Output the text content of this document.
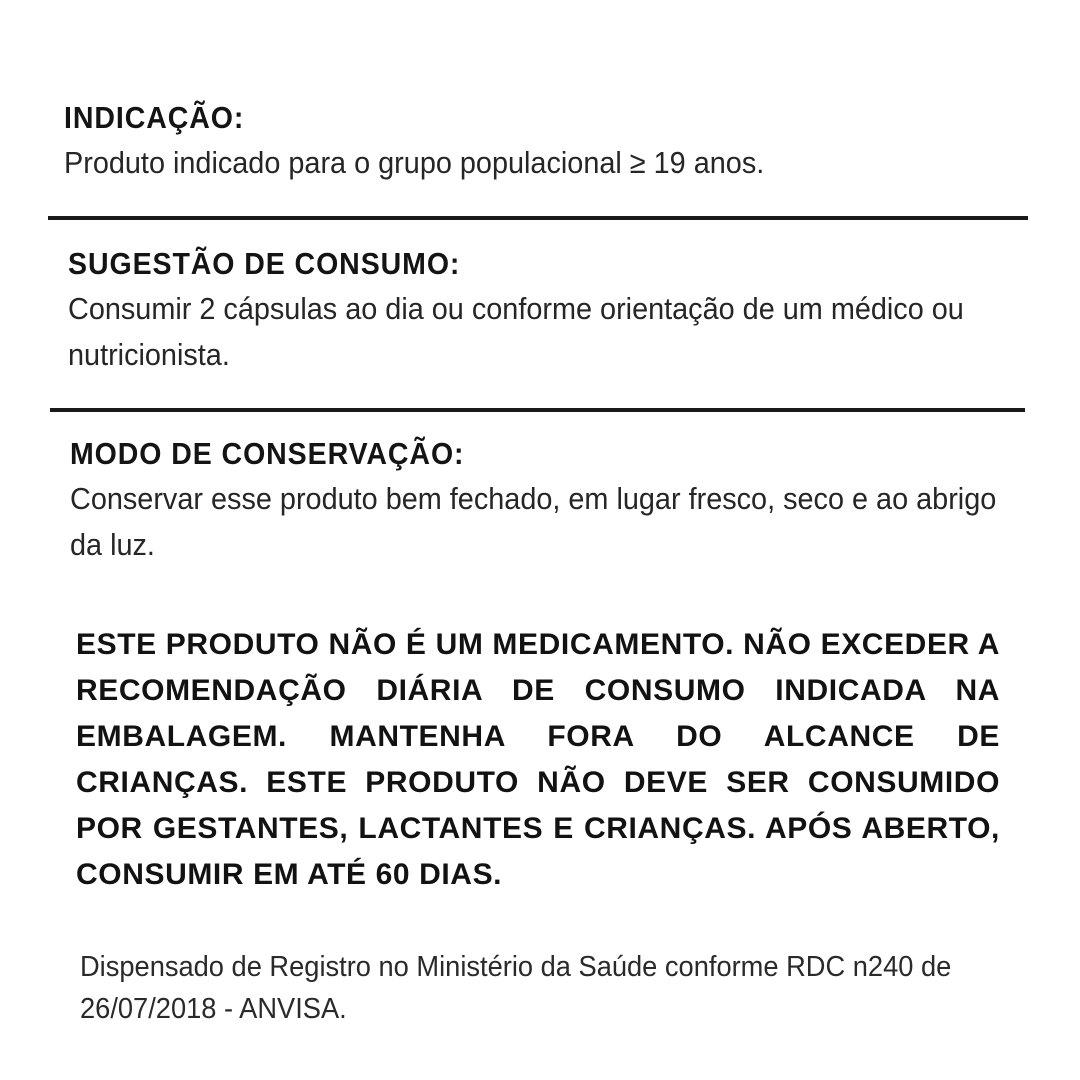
INDICAÇÃO:

Produto indicado para o grupo populacional ≥ 19 anos.

SUGESTÃO DE CONSUMO:

Consumir 2 cápsulas ao dia ou conforme orientação de um médico ou nutricionista.

MODO DE CONSERVAÇÃO:

Conservar esse produto bem fechado, em lugar fresco, seco e ao abrigo da luz.

ESTE PRODUTO NÃO É UM MEDICAMENTO. NÃO EXCEDER A RECOMENDAÇÃO DIÁRIA DE CONSUMO INDICADA NA EMBALAGEM. MANTENHA FORA DO ALCANCE DE CRIANÇAS. ESTE PRODUTO NÃO DEVE SER CONSUMIDO POR GESTANTES, LACTANTES E CRIANÇAS. APÓS ABERTO, CONSUMIR EM ATÉ 60 DIAS.

Dispensado de Registro no Ministério da Saúde conforme RDC n240 de 26/07/2018 - ANVISA.
